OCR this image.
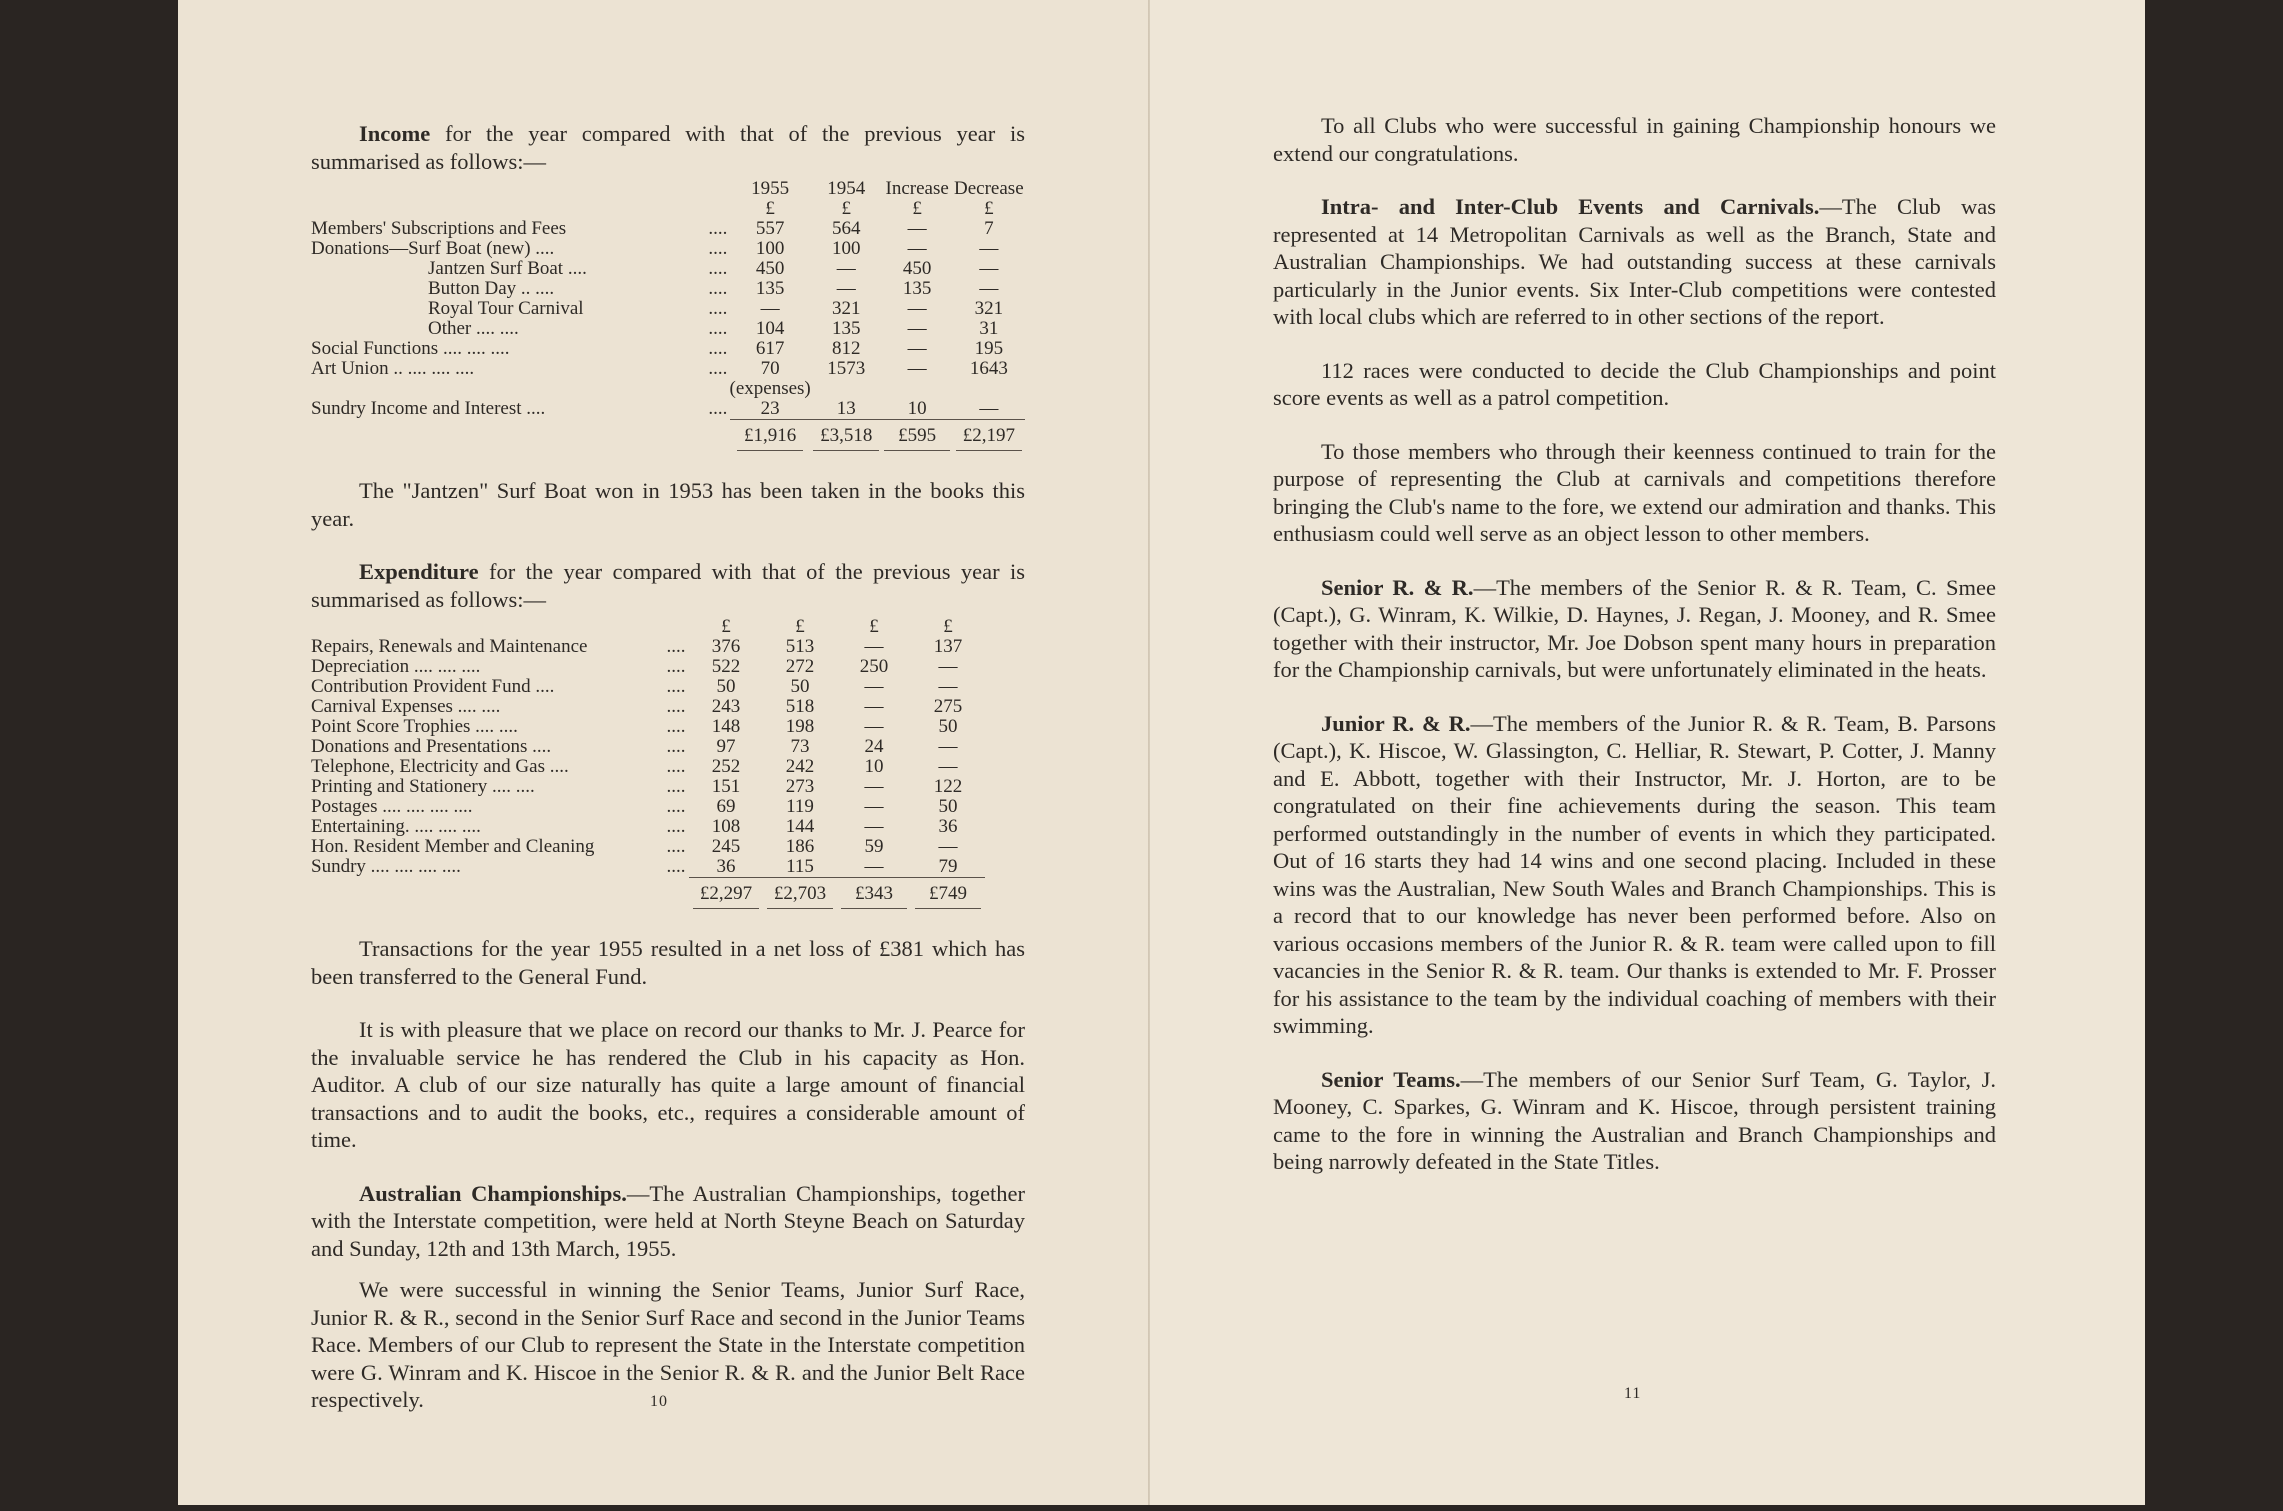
Income for the year compared with that of the previous year is summarised as follows:—

		1955	1954	Increase	Decrease
		£	£	£	£
Members' Subscriptions and Fees	....	557	564	—	7
Donations—Surf Boat (new) ....	....	100	100	—	—
Jantzen Surf Boat ....	....	450	—	450	—
Button Day .. ....	....	135	—	135	—
Royal Tour Carnival	....	—	321	—	321
Other .... ....	....	104	135	—	31
Social Functions .... .... ....	....	617	812	—	195
Art Union .. .... .... ....	....	70	1573	—	1643
		(expenses)			
Sundry Income and Interest ....	....	23	13	10	—
		£1,916	£3,518	£595	£2,197

The "Jantzen" Surf Boat won in 1953 has been taken in the books this year.

Expenditure for the year compared with that of the previous year is summarised as follows:—

		£	£	£	£
Repairs, Renewals and Maintenance	....	376	513	—	137
Depreciation .... .... ....	....	522	272	250	—
Contribution Provident Fund ....	....	50	50	—	—
Carnival Expenses .... ....	....	243	518	—	275
Point Score Trophies .... ....	....	148	198	—	50
Donations and Presentations ....	....	97	73	24	—
Telephone, Electricity and Gas ....	....	252	242	10	—
Printing and Stationery .... ....	....	151	273	—	122
Postages .... .... .... ....	....	69	119	—	50
Entertaining. .... .... ....	....	108	144	—	36
Hon. Resident Member and Cleaning	....	245	186	59	—
Sundry .... .... .... ....	....	36	115	—	79
		£2,297	£2,703	£343	£749

Transactions for the year 1955 resulted in a net loss of £381 which has been transferred to the General Fund.

It is with pleasure that we place on record our thanks to Mr. J. Pearce for the invaluable service he has rendered the Club in his capacity as Hon. Auditor. A club of our size naturally has quite a large amount of financial transactions and to audit the books, etc., requires a considerable amount of time.

Australian Championships.—The Australian Championships, together with the Interstate competition, were held at North Steyne Beach on Saturday and Sunday, 12th and 13th March, 1955.

We were successful in winning the Senior Teams, Junior Surf Race, Junior R. & R., second in the Senior Surf Race and second in the Junior Teams Race. Members of our Club to represent the State in the Interstate competition were G. Winram and K. Hiscoe in the Senior R. & R. and the Junior Belt Race respectively.	10

To all Clubs who were successful in gaining Championship honours we extend our congratulations.

Intra- and Inter-Club Events and Carnivals.—The Club was represented at 14 Metropolitan Carnivals as well as the Branch, State and Australian Championships. We had outstanding success at these carnivals particularly in the Junior events. Six Inter-Club competitions were contested with local clubs which are referred to in other sections of the report.

112 races were conducted to decide the Club Championships and point score events as well as a patrol competition.

To those members who through their keenness continued to train for the purpose of representing the Club at carnivals and competitions therefore bringing the Club's name to the fore, we extend our admiration and thanks. This enthusiasm could well serve as an object lesson to other members.

Senior R. & R.—The members of the Senior R. & R. Team, C. Smee (Capt.), G. Winram, K. Wilkie, D. Haynes, J. Regan, J. Mooney, and R. Smee together with their instructor, Mr. Joe Dobson spent many hours in preparation for the Championship carnivals, but were unfortunately eliminated in the heats.

Junior R. & R.—The members of the Junior R. & R. Team, B. Parsons (Capt.), K. Hiscoe, W. Glassington, C. Helliar, R. Stewart, P. Cotter, J. Manny and E. Abbott, together with their Instructor, Mr. J. Horton, are to be congratulated on their fine achievements during the season. This team performed outstandingly in the number of events in which they participated. Out of 16 starts they had 14 wins and one second placing. Included in these wins was the Australian, New South Wales and Branch Championships. This is a record that to our knowledge has never been performed before. Also on various occasions members of the Junior R. & R. team were called upon to fill vacancies in the Senior R. & R. team. Our thanks is extended to Mr. F. Prosser for his assistance to the team by the individual coaching of members with their swimming.

Senior Teams.—The members of our Senior Surf Team, G. Taylor, J. Mooney, C. Sparkes, G. Winram and K. Hiscoe, through persistent training came to the fore in winning the Australian and Branch Championships and being narrowly defeated in the State Titles.

11
